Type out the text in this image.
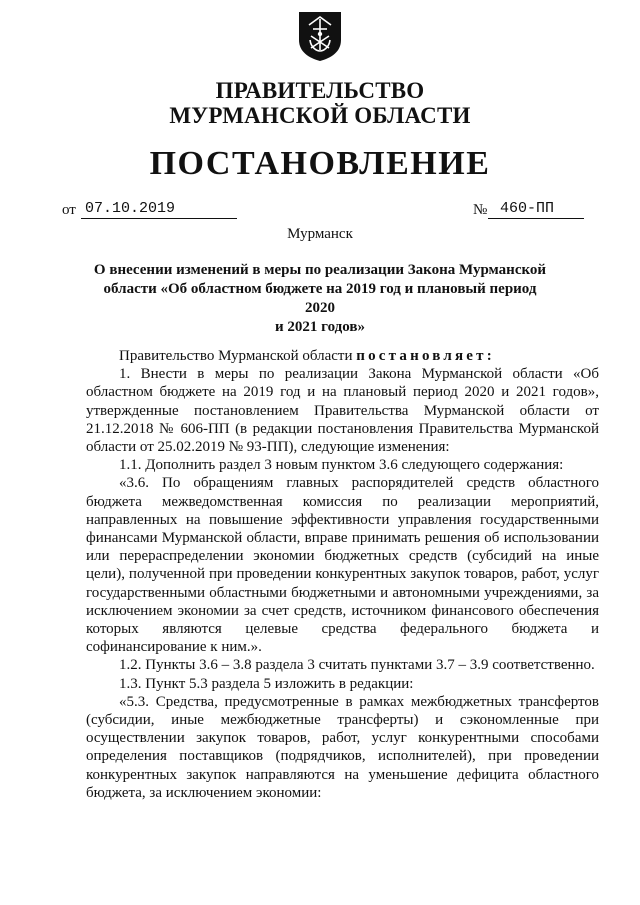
ПРАВИТЕЛЬСТВО
МУРМАНСКОЙ ОБЛАСТИ
ПОСТАНОВЛЕНИЕ
от 07.10.2019	№ 460-ПП
Мурманск
О внесении изменений в меры по реализации Закона Мурманской
области «Об областном бюджете на 2019 год и плановый период 2020
и 2021 годов»

Правительство Мурманской области постановляет:

1. Внести в меры по реализации Закона Мурманской области «Об областном бюджете на 2019 год и на плановый период 2020 и 2021 годов», утвержденные постановлением Правительства Мурманской области от 21.12.2018 № 606-ПП (в редакции постановления Правительства Мурманской области от 25.02.2019 № 93-ПП), следующие изменения:

1.1. Дополнить раздел 3 новым пунктом 3.6 следующего содержания:

«3.6. По обращениям главных распорядителей средств областного бюджета межведомственная комиссия по реализации мероприятий, направленных на повышение эффективности управления государственными финансами Мурманской области, вправе принимать решения об использовании или перераспределении экономии бюджетных средств (субсидий на иные цели), полученной при проведении конкурентных закупок товаров, работ, услуг государственными областными бюджетными и автономными учреждениями, за исключением экономии за счет средств, источником финансового обеспечения которых являются целевые средства федерального бюджета и софинансирование к ним.».

1.2. Пункты 3.6 – 3.8 раздела 3 считать пунктами 3.7 – 3.9 соответственно.

1.3. Пункт 5.3 раздела 5 изложить в редакции:

«5.3. Средства, предусмотренные в рамках межбюджетных трансфертов (субсидии, иные межбюджетные трансферты) и сэкономленные при осуществлении закупок товаров, работ, услуг конкурентными способами определения поставщиков (подрядчиков, исполнителей), при проведении конкурентных закупок направляются на уменьшение дефицита областного бюджета, за исключением экономии:
